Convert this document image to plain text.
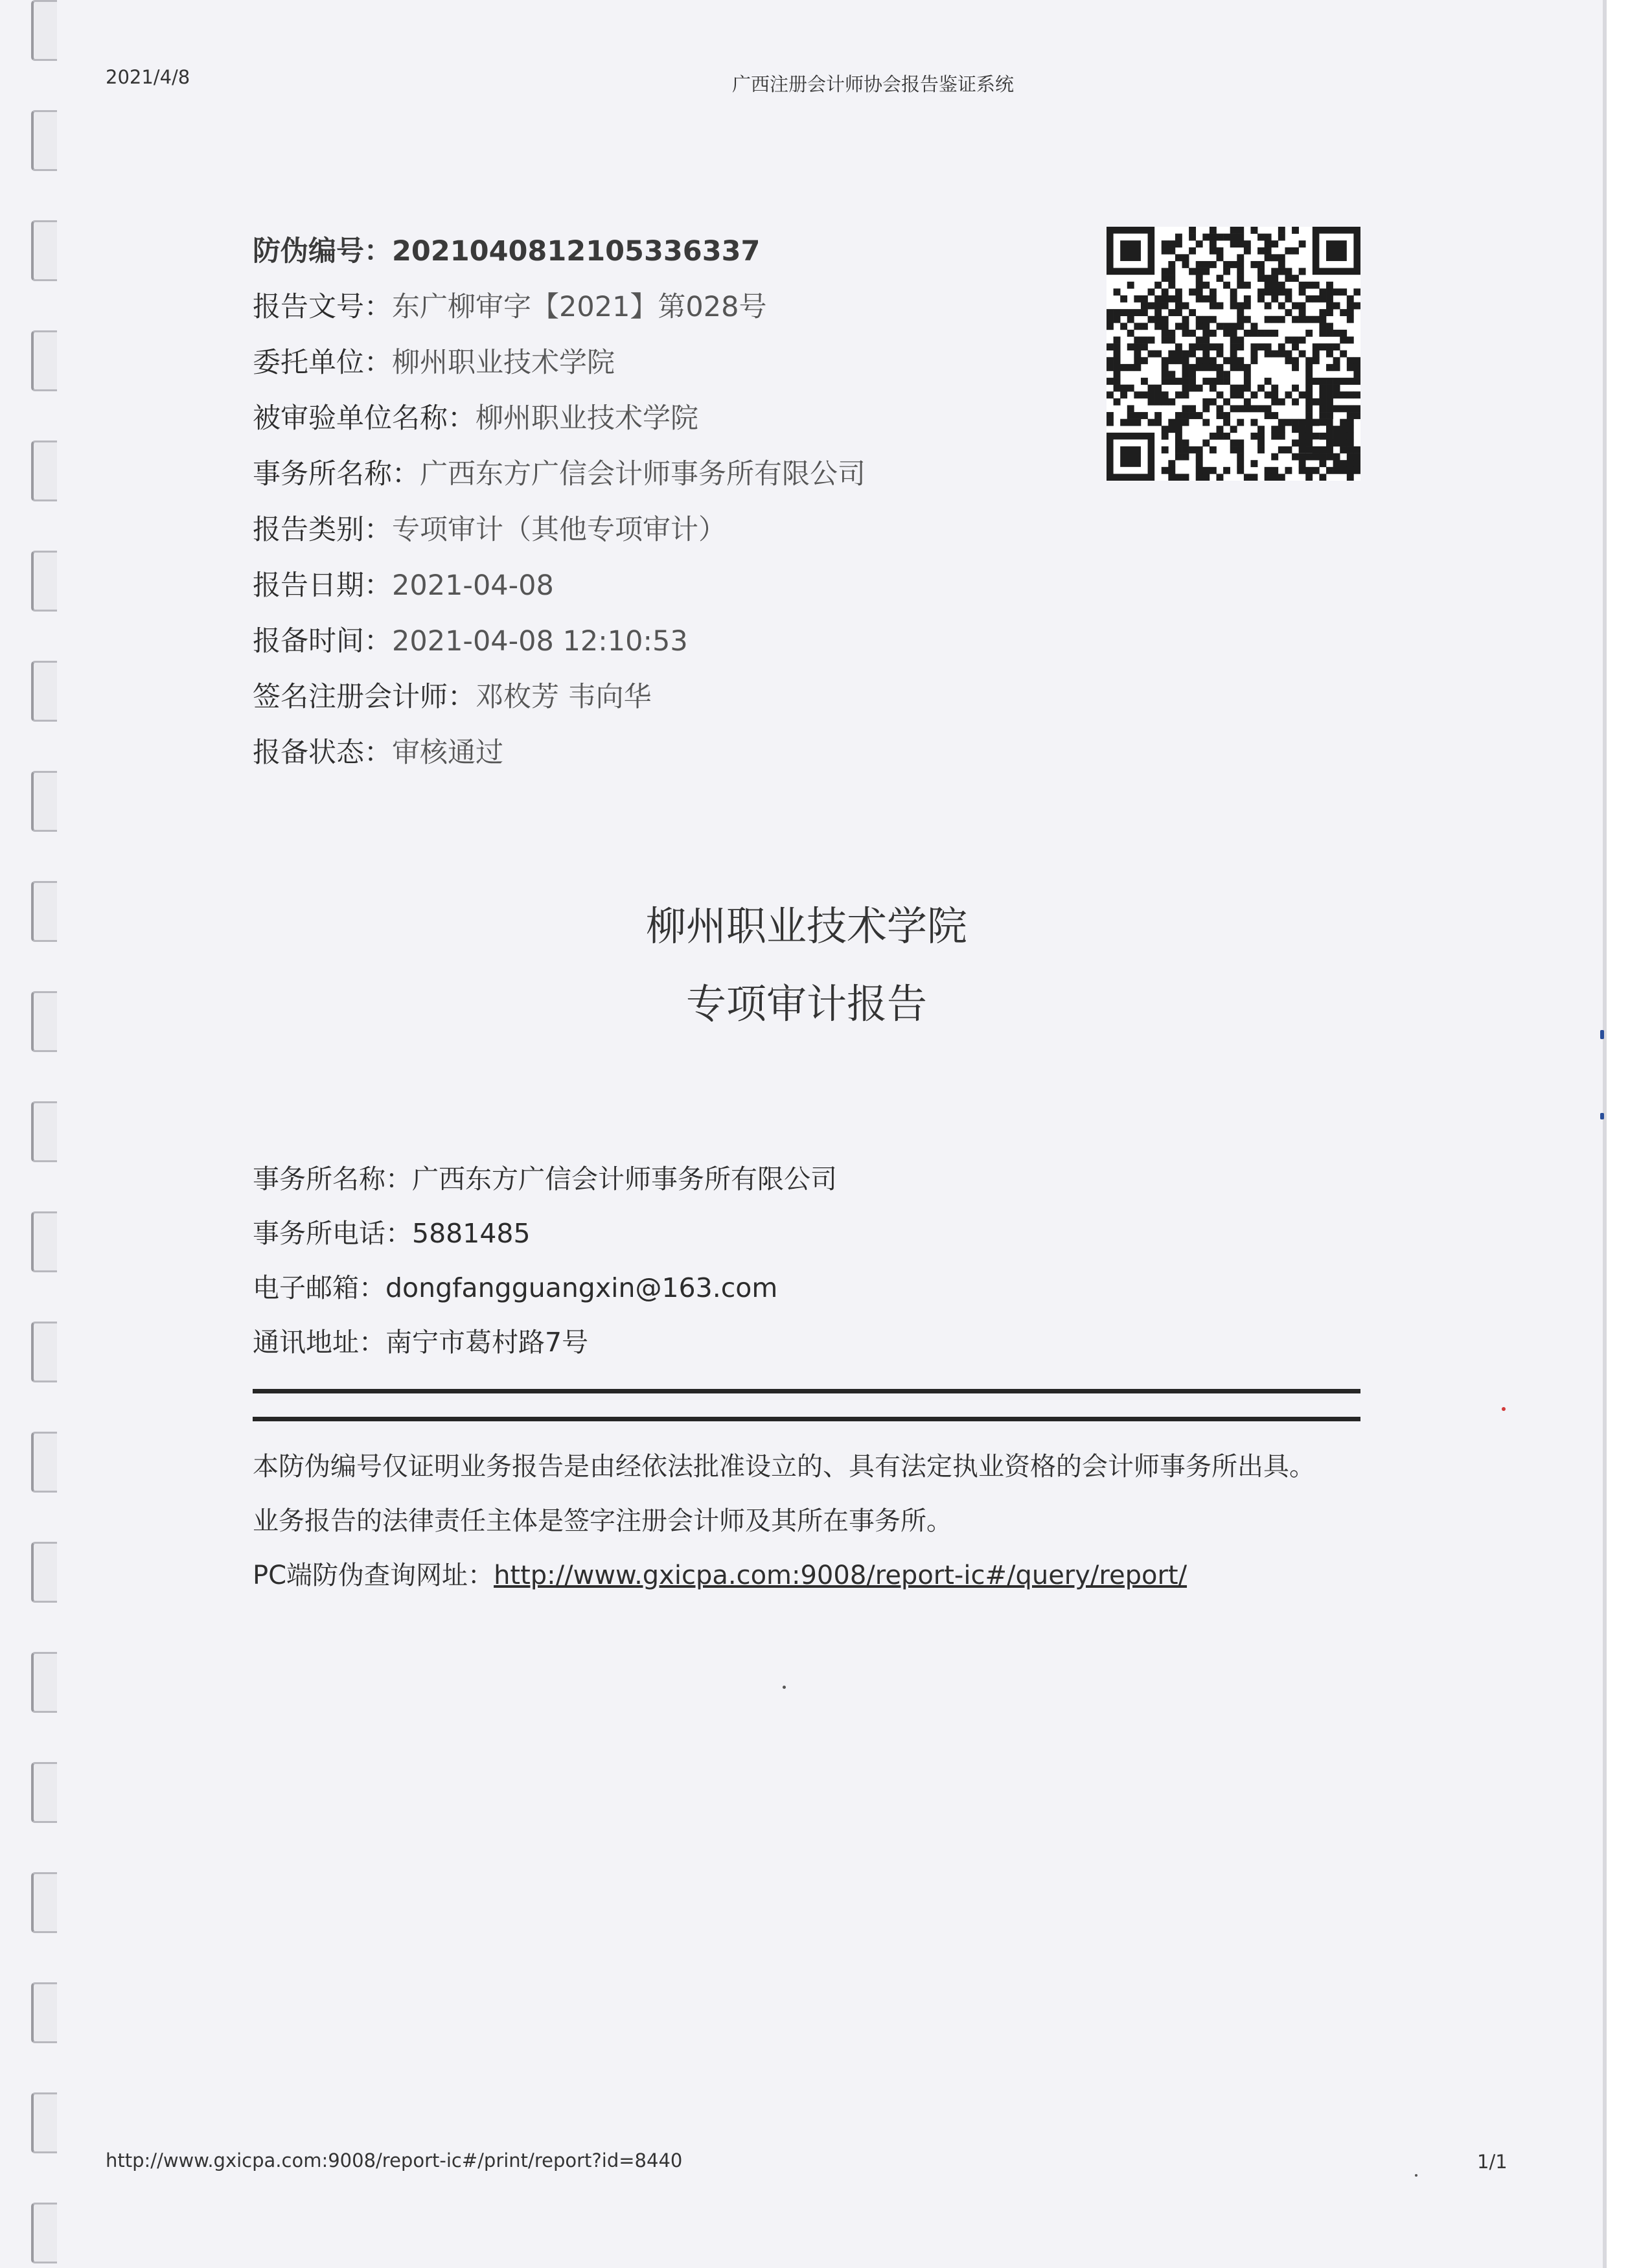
2021/4/8	广西注册会计师协会报告鉴证系统
防伪编号：2021040812105336337
报告文号：东广柳审字【2021】第028号
委托单位：柳州职业技术学院
被审验单位名称：柳州职业技术学院
事务所名称：广西东方广信会计师事务所有限公司
报告类别：专项审计（其他专项审计）
报告日期：2021-04-08
报备时间：2021-04-08 12:10:53
签名注册会计师：邓枚芳 韦向华
报备状态：审核通过
柳州职业技术学院
专项审计报告
事务所名称：广西东方广信会计师事务所有限公司
事务所电话：5881485
电子邮箱：dongfangguangxin@163.com
通讯地址：南宁市葛村路7号
本防伪编号仅证明业务报告是由经依法批准设立的、具有法定执业资格的会计师事务所出具。
业务报告的法律责任主体是签字注册会计师及其所在事务所。
PC端防伪查询网址：http://www.gxicpa.com:9008/report-ic#/query/report/
http://www.gxicpa.com:9008/report-ic#/print/report?id=8440	1/1
